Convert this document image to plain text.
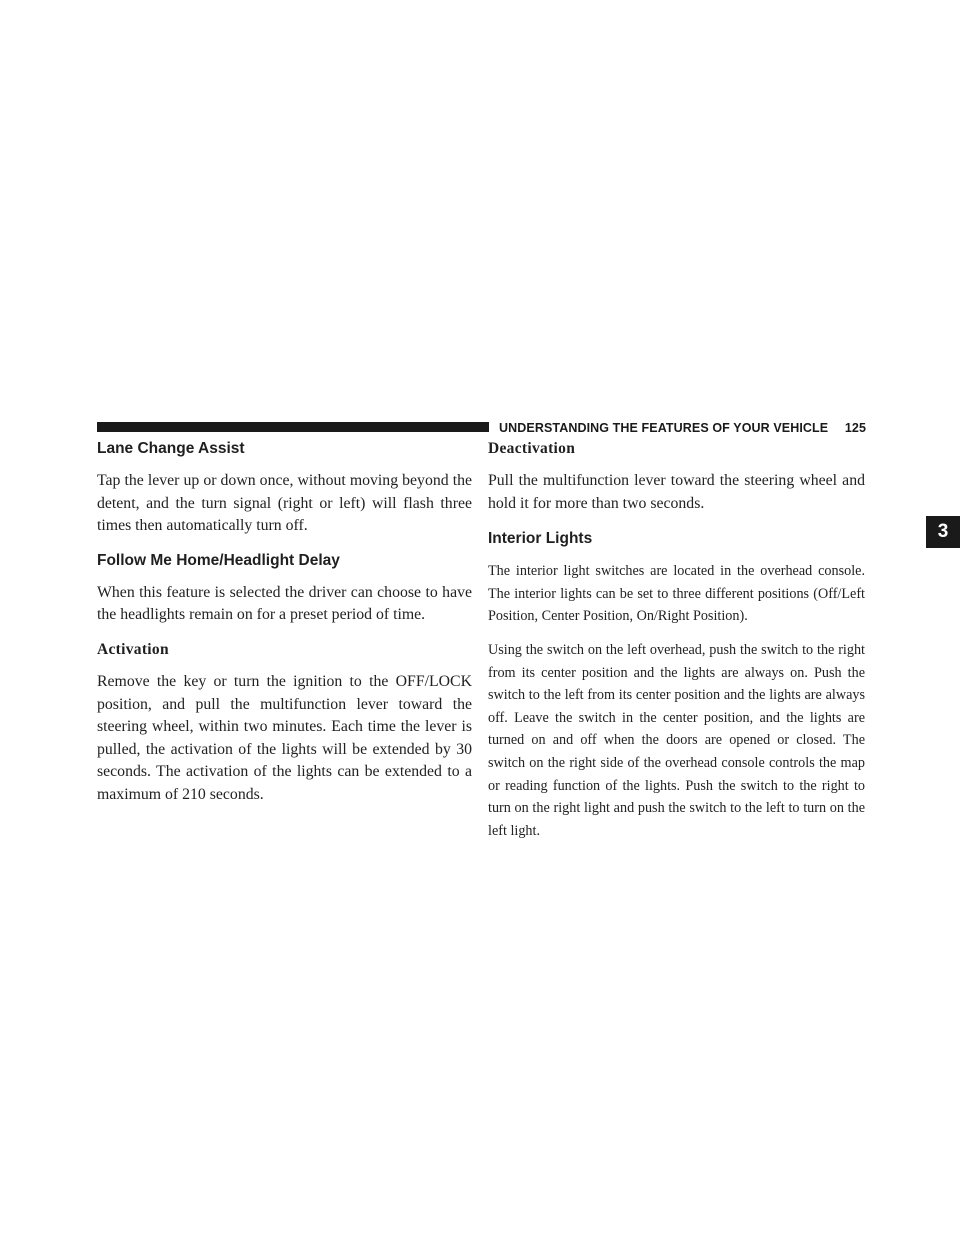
UNDERSTANDING THE FEATURES OF YOUR VEHICLE 125
3
Lane Change Assist

Tap the lever up or down once, without moving beyond the detent, and the turn signal (right or left) will flash three times then automatically turn off.

Follow Me Home/Headlight Delay

When this feature is selected the driver can choose to have the headlights remain on for a preset period of time.

Activation

Remove the key or turn the ignition to the OFF/LOCK position, and pull the multifunction lever toward the steering wheel, within two minutes. Each time the lever is pulled, the activation of the lights will be extended by 30 seconds. The activation of the lights can be extended to a maximum of 210 seconds.

Deactivation

Pull the multifunction lever toward the steering wheel and hold it for more than two seconds.

Interior Lights

The interior light switches are located in the overhead console. The interior lights can be set to three different positions (Off/Left Position, Center Position, On/Right Position).

Using the switch on the left overhead, push the switch to the right from its center position and the lights are always on. Push the switch to the left from its center position and the lights are always off. Leave the switch in the center position, and the lights are turned on and off when the doors are opened or closed. The switch on the right side of the overhead console controls the map or reading function of the lights. Push the switch to the right to turn on the right light and push the switch to the left to turn on the left light.
